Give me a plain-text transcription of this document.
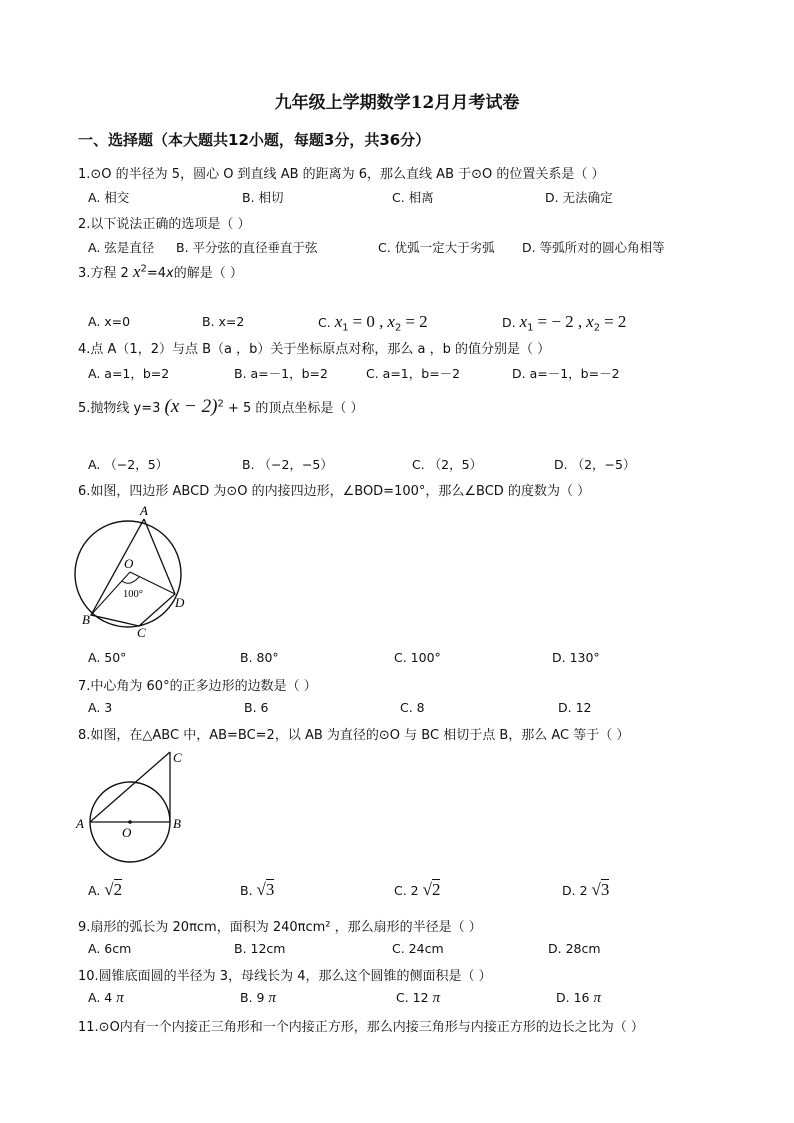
九年级上学期数学12月月考试卷
一、选择题（本大题共12小题，每题3分，共36分）
1.⊙O 的半径为 5，圆心 O 到直线 AB 的距离为 6，那么直线 AB 于⊙O 的位置关系是（ ）
A. 相交	B. 相切	C. 相离	D. 无法确定
2.以下说法正确的选项是（ ）
A. 弦是直径 B. 平分弦的直径垂直于弦	C. 优弧一定大于劣弧 D. 等弧所对的圆心角相等
3.方程 2 $x^2=4x$的解是（ ）
A. x=0	B. x=2	C. $x_1 = 0$ , $x_2 = 2$	D. $x_1$ = − 2 , $x_2 = 2$
4.点 A（1，2）与点 B（a ，b）关于坐标原点对称，那么 a ，b 的值分别是（ ）
A. a=1，b=2	B. a=－1，b=2	C. a=1，b=－2	D. a=－1，b=－2
5.抛物线 y=3 $(x - 2)^2 + 5$ 的顶点坐标是（ ）
A. （−2，5）	B. （−2，−5）	C. （2，5）	D. （2，−5）
6.如图，四边形 ABCD 为⊙O 的内接四边形，∠BOD=100°，那么∠BCD 的度数为（ ）
A
O
100°
D
B
C
A. 50°	B. 80°	C. 100°	D. 130°
7.中心角为 60°的正多边形的边数是（ ）
A. 3	B. 6	C. 8	D. 12
8.如图，在△ABC 中，AB=BC=2，以 AB 为直径的⊙O 与 BC 相切于点 B，那么 AC 等于（ ）
C
A
O
B
A. √2	B. √3	C. 2 √2	D. 2 √3
9.扇形的弧长为 20πcm，面积为 240πcm² ，那么扇形的半径是（ ）
A. 6cm	B. 12cm	C. 24cm	D. 28cm
10.圆锥底面圆的半径为 3，母线长为 4，那么这个圆锥的侧面积是（ ）
A. 4 π	B. 9 π	C. 12 π	D. 16 π
11.⊙O内有一个内接正三角形和一个内接正方形，那么内接三角形与内接正方形的边长之比为（ ）
